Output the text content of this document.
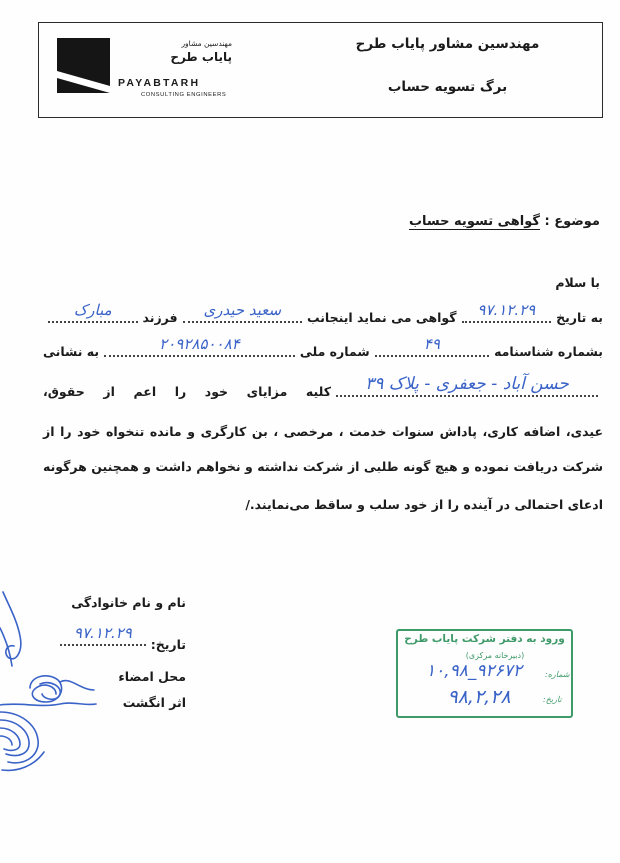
مهندسین مشاور
پایاب طرح
PAYABTARH
CONSULTING ENGINEERS
مهندسین مشاور پایاب طرح
برگ تسویه حساب
موضوع : گواهی تسویه حساب
با سلام
به تاریخ
۹۷.۱۲.۲۹
گواهی می نماید اینجانب
سعید حیدری
فرزند
مبارک
بشماره شناسنامه
۴۹
شماره ملی
۲۰۹۲۸۵۰۰۸۴
به نشانی
حسن آباد - جعفری - پلاک ۳۹
کلیه مزایای خود را اعم از حقوق،
عیدی، اضافه کاری، پاداش سنوات خدمت ، مرخصی ، بن کارگری و مانده تنخواه خود را از
شرکت دریافت نموده و هیچ گونه طلبی از شرکت نداشته و نخواهم داشت و همچنین هرگونه
ادعای احتمالی در آینده را از خود سلب و ساقط می‌نمایند./
نام و نام خانوادگی
تاریخ:
۹۷.۱۲.۲۹
محل امضاء
اثر انگشت
ورود به دفتر شرکت پایاب طرح
(دبیرخانه مرکزی)
شماره:
۱۰,۹۸_۹۲۶۷۲
تاریخ:
۹۸,۲,۲۸
